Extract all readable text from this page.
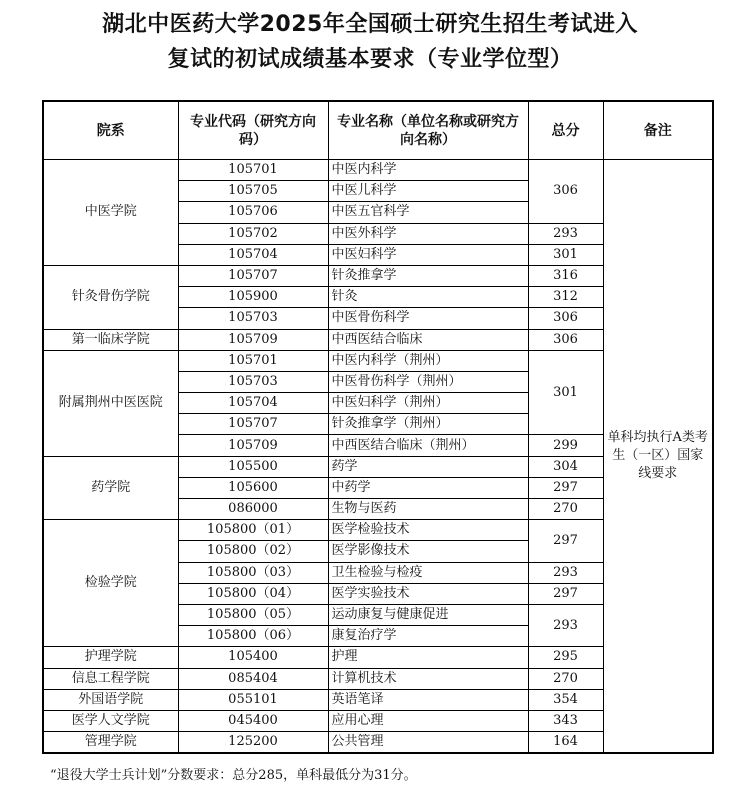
湖北中医药大学2025年全国硕士研究生招生考试进入
复试的初试成绩基本要求（专业学位型）
院系	专业代码（研究方向码）	专业名称（单位名称或研究方向名称）	总分	备注
中医学院	105701	中医内科学	306	单科均执行A类考生（一区）国家线要求
	105705	中医儿科学		
	105706	中医五官科学		
	105702	中医外科学	293	
	105704	中医妇科学	301	
针灸骨伤学院	105707	针灸推拿学	316	
	105900	针灸	312	
	105703	中医骨伤科学	306	
第一临床学院	105709	中西医结合临床	306	
附属荆州中医医院	105701	中医内科学（荆州）	301	
	105703	中医骨伤科学（荆州）		
	105704	中医妇科学（荆州）		
	105707	针灸推拿学（荆州）		
	105709	中西医结合临床（荆州）	299	
药学院	105500	药学	304	
	105600	中药学	297	
	086000	生物与医药	270	
检验学院	105800（01）	医学检验技术	297	
	105800（02）	医学影像技术		
	105800（03）	卫生检验与检疫	293	
	105800（04）	医学实验技术	297	
	105800（05）	运动康复与健康促进	293	
	105800（06）	康复治疗学		
护理学院	105400	护理	295	
信息工程学院	085404	计算机技术	270	
外国语学院	055101	英语笔译	354	
医学人文学院	045400	应用心理	343	
管理学院	125200	公共管理	164	
“退役大学士兵计划”分数要求：总分285，单科最低分为31分。
